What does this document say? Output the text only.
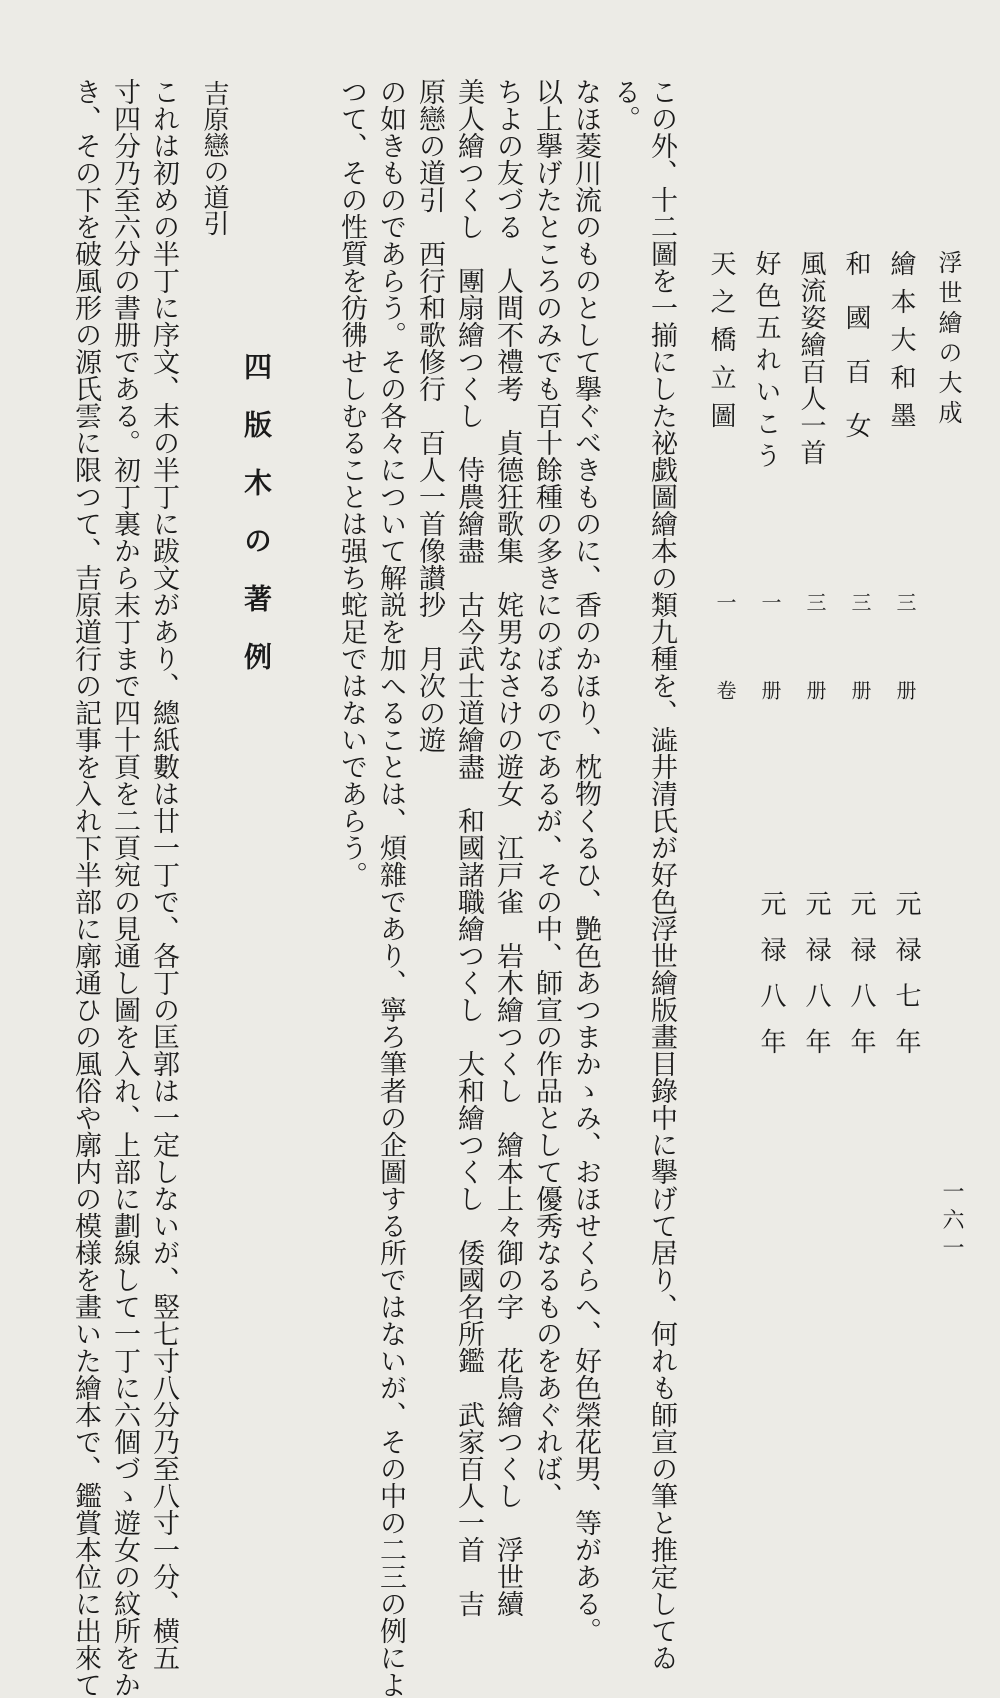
浮世繪の大成
一六一
繪本大和墨
三
册
元禄七年
和國百女
三
册
元禄八年
風流姿繪百人一首
三
册
元禄八年
好色五れいこう
一
册
元禄八年
天之橋立圖
一
卷
この外、十二圖を一揃にした祕戯圖繪本の類九種を、澁井清氏が好色浮世繪版畫目錄中に擧げて居り、何れも師宣の筆と推定してゐ
る。
なほ菱川流のものとして擧ぐべきものに、香のかほり、枕物くるひ、艶色あつまかゝみ、おほせくらへ、好色榮花男、等がある。
以上擧げたところのみでも百十餘種の多きにのぼるのであるが、その中、師宣の作品として優秀なるものをあぐれば、
ちよの友づる　人間不禮考　貞德狂歌集　姹男なさけの遊女　江戸雀　岩木繪つくし　繪本上々御の字　花鳥繪つくし　浮世續
美人繪つくし　團扇繪つくし　侍農繪盡　古今武士道繪盡　和國諸職繪つくし　大和繪つくし　倭國名所鑑　武家百人一首　吉
原戀の道引　西行和歌修行　百人一首像讃抄　月次の遊
の如きものであらう。その各々について解説を加へることは、煩雜であり、寧ろ筆者の企圖する所ではないが、その中の二三の例によ
つて、その性質を彷彿せしむることは强ち蛇足ではないであらう。
四版木の著例
吉原戀の道引
これは初めの半丁に序文、末の半丁に跋文があり、總紙數は廿一丁で、各丁の匡郭は一定しないが、竪七寸八分乃至八寸一分、横五
寸四分乃至六分の書册である。初丁裏から末丁まで四十頁を二頁宛の見通し圖を入れ、上部に劃線して一丁に六個づゝ遊女の紋所をか
き、その下を破風形の源氏雲に限つて、吉原道行の記事を入れ下半部に廓通ひの風俗や廓内の模様を畫いた繪本で、鑑賞本位に出來て
